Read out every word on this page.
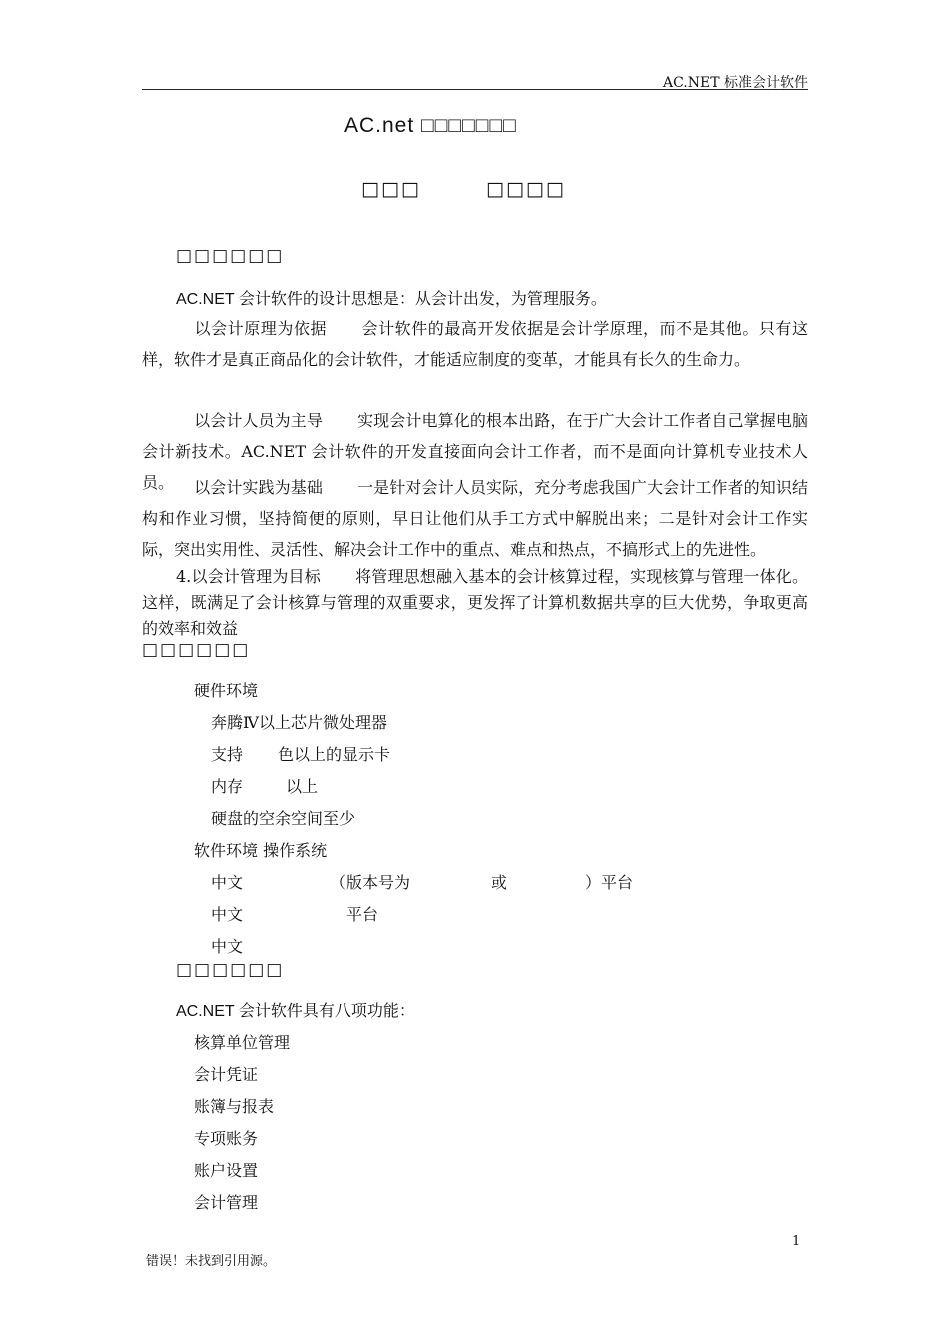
AC.NET 标准会计软件
AC.net □□□□□□□
□□□	□□□□
□□□□□□
AC.NET 会计软件的设计思想是：从会计出发，为管理服务。
以会计原理为依据 会计软件的最高开发依据是会计学原理，而不是其他。只有这样，软件才是真正商品化的会计软件，才能适应制度的变革，才能具有长久的生命力。
以会计人员为主导 实现会计电算化的根本出路，在于广大会计工作者自己掌握电脑会计新技术。AC.NET 会计软件的开发直接面向会计工作者，而不是面向计算机专业技术人员。	以会计实践为基础 一是针对会计人员实际，充分考虑我国广大会计工作者的知识结构和作业习惯，坚持简便的原则，早日让他们从手工方式中解脱出来；二是针对会计工作实际，突出实用性、灵活性、解决会计工作中的重点、难点和热点，不搞形式上的先进性。
4.以会计管理为目标 将管理思想融入基本的会计核算过程，实现核算与管理一体化。这样，既满足了会计核算与管理的双重要求，更发挥了计算机数据共享的巨大优势，争取更高的效率和效益
□□□□□□
硬件环境
奔腾Ⅳ以上芯片微处理器
支持 色以上的显示卡
内存	以上
硬盘的空余空间至少
软件环境 操作系统
中文	（版本号为	或	）平台
中文	平台
中文
□□□□□□
AC.NET 会计软件具有八项功能：
核算单位管理
会计凭证
账簿与报表
专项账务
账户设置
会计管理
1
错误！未找到引用源。
